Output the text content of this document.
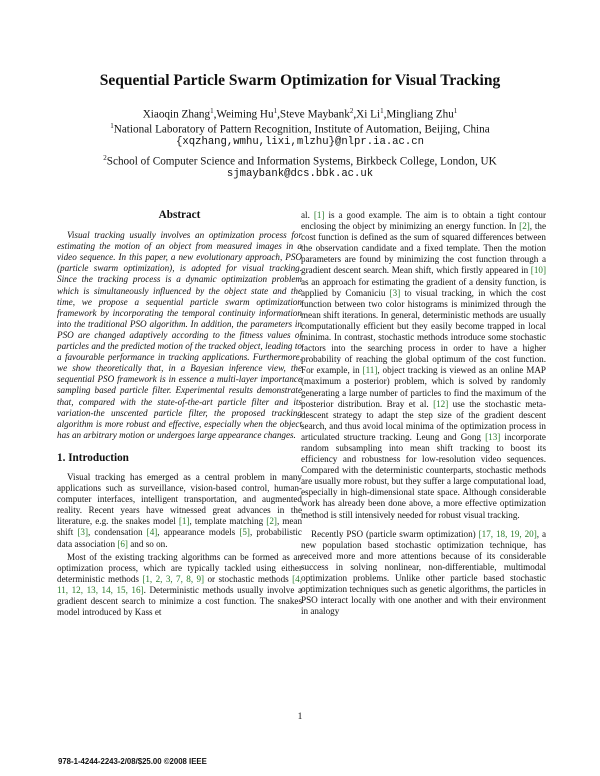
Sequential Particle Swarm Optimization for Visual Tracking
Xiaoqin Zhang$^1$,Weiming Hu$^1$,Steve Maybank$^2$,Xi Li$^1$,Mingliang Zhu$^1$
$^1$National Laboratory of Pattern Recognition, Institute of Automation, Beijing, China
{xqzhang,wmhu,lixi,mlzhu}@nlpr.ia.ac.cn
$^2$School of Computer Science and Information Systems, Birkbeck College, London, UK
sjmaybank@dcs.bbk.ac.uk

Abstract

Visual tracking usually involves an optimization process for estimating the motion of an object from measured images in a video sequence. In this paper, a new evolutionary approach, PSO (particle swarm optimization), is adopted for visual tracking. Since the tracking process is a dynamic optimization problem which is simultaneously influenced by the object state and the time, we propose a sequential particle swarm optimization framework by incorporating the temporal continuity information into the traditional PSO algorithm. In addition, the parameters in PSO are changed adaptively according to the fitness values of particles and the predicted motion of the tracked object, leading to a favourable performance in tracking applications. Furthermore, we show theoretically that, in a Bayesian inference view, the sequential PSO framework is in essence a multi-layer importance sampling based particle filter. Experimental results demonstrate that, compared with the state-of-the-art particle filter and its variation-the unscented particle filter, the proposed tracking algorithm is more robust and effective, especially when the object has an arbitrary motion or undergoes large appearance changes.

1. Introduction

Visual tracking has emerged as a central problem in many applications such as surveillance, vision-based control, human-computer interfaces, intelligent transportation, and augmented reality. Recent years have witnessed great advances in the literature, e.g. the snakes model [1], template matching [2], mean shift [3], condensation [4], appearance models [5], probabilistic data association [6] and so on.

Most of the existing tracking algorithms can be formed as an optimization process, which are typically tackled using either deterministic methods [1, 2, 3, 7, 8, 9] or stochastic methods [4, 11, 12, 13, 14, 15, 16]. Deterministic methods usually involve a gradient descent search to minimize a cost function. The snakes model introduced by Kass et

al. [1] is a good example. The aim is to obtain a tight contour enclosing the object by minimizing an energy function. In [2], the cost function is defined as the sum of squared differences between the observation candidate and a fixed template. Then the motion parameters are found by minimizing the cost function through a gradient descent search. Mean shift, which firstly appeared in [10] as an approach for estimating the gradient of a density function, is applied by Comaniciu [3] to visual tracking, in which the cost function between two color histograms is minimized through the mean shift iterations. In general, deterministic methods are usually computationally efficient but they easily become trapped in local minima. In contrast, stochastic methods introduce some stochastic factors into the searching process in order to have a higher probability of reaching the global optimum of the cost function. For example, in [11], object tracking is viewed as an online MAP (maximum a posterior) problem, which is solved by randomly generating a large number of particles to find the maximum of the posterior distribution. Bray et al. [12] use the stochastic meta-descent strategy to adapt the step size of the gradient descent search, and thus avoid local minima of the optimization process in articulated structure tracking. Leung and Gong [13] incorporate random subsampling into mean shift tracking to boost its efficiency and robustness for low-resolution video sequences. Compared with the deterministic counterparts, stochastic methods are usually more robust, but they suffer a large computational load, especially in high-dimensional state space. Although considerable work has already been done above, a more effective optimization method is still intensively needed for robust visual tracking.

Recently PSO (particle swarm optimization) [17, 18, 19, 20], a new population based stochastic optimization technique, has received more and more attentions because of its considerable success in solving nonlinear, non-differentiable, multimodal optimization problems. Unlike other particle based stochastic optimization techniques such as genetic algorithms, the particles in PSO interact locally with one another and with their environment in analogy

1
978-1-4244-2243-2/08/$25.00 ©2008 IEEE
